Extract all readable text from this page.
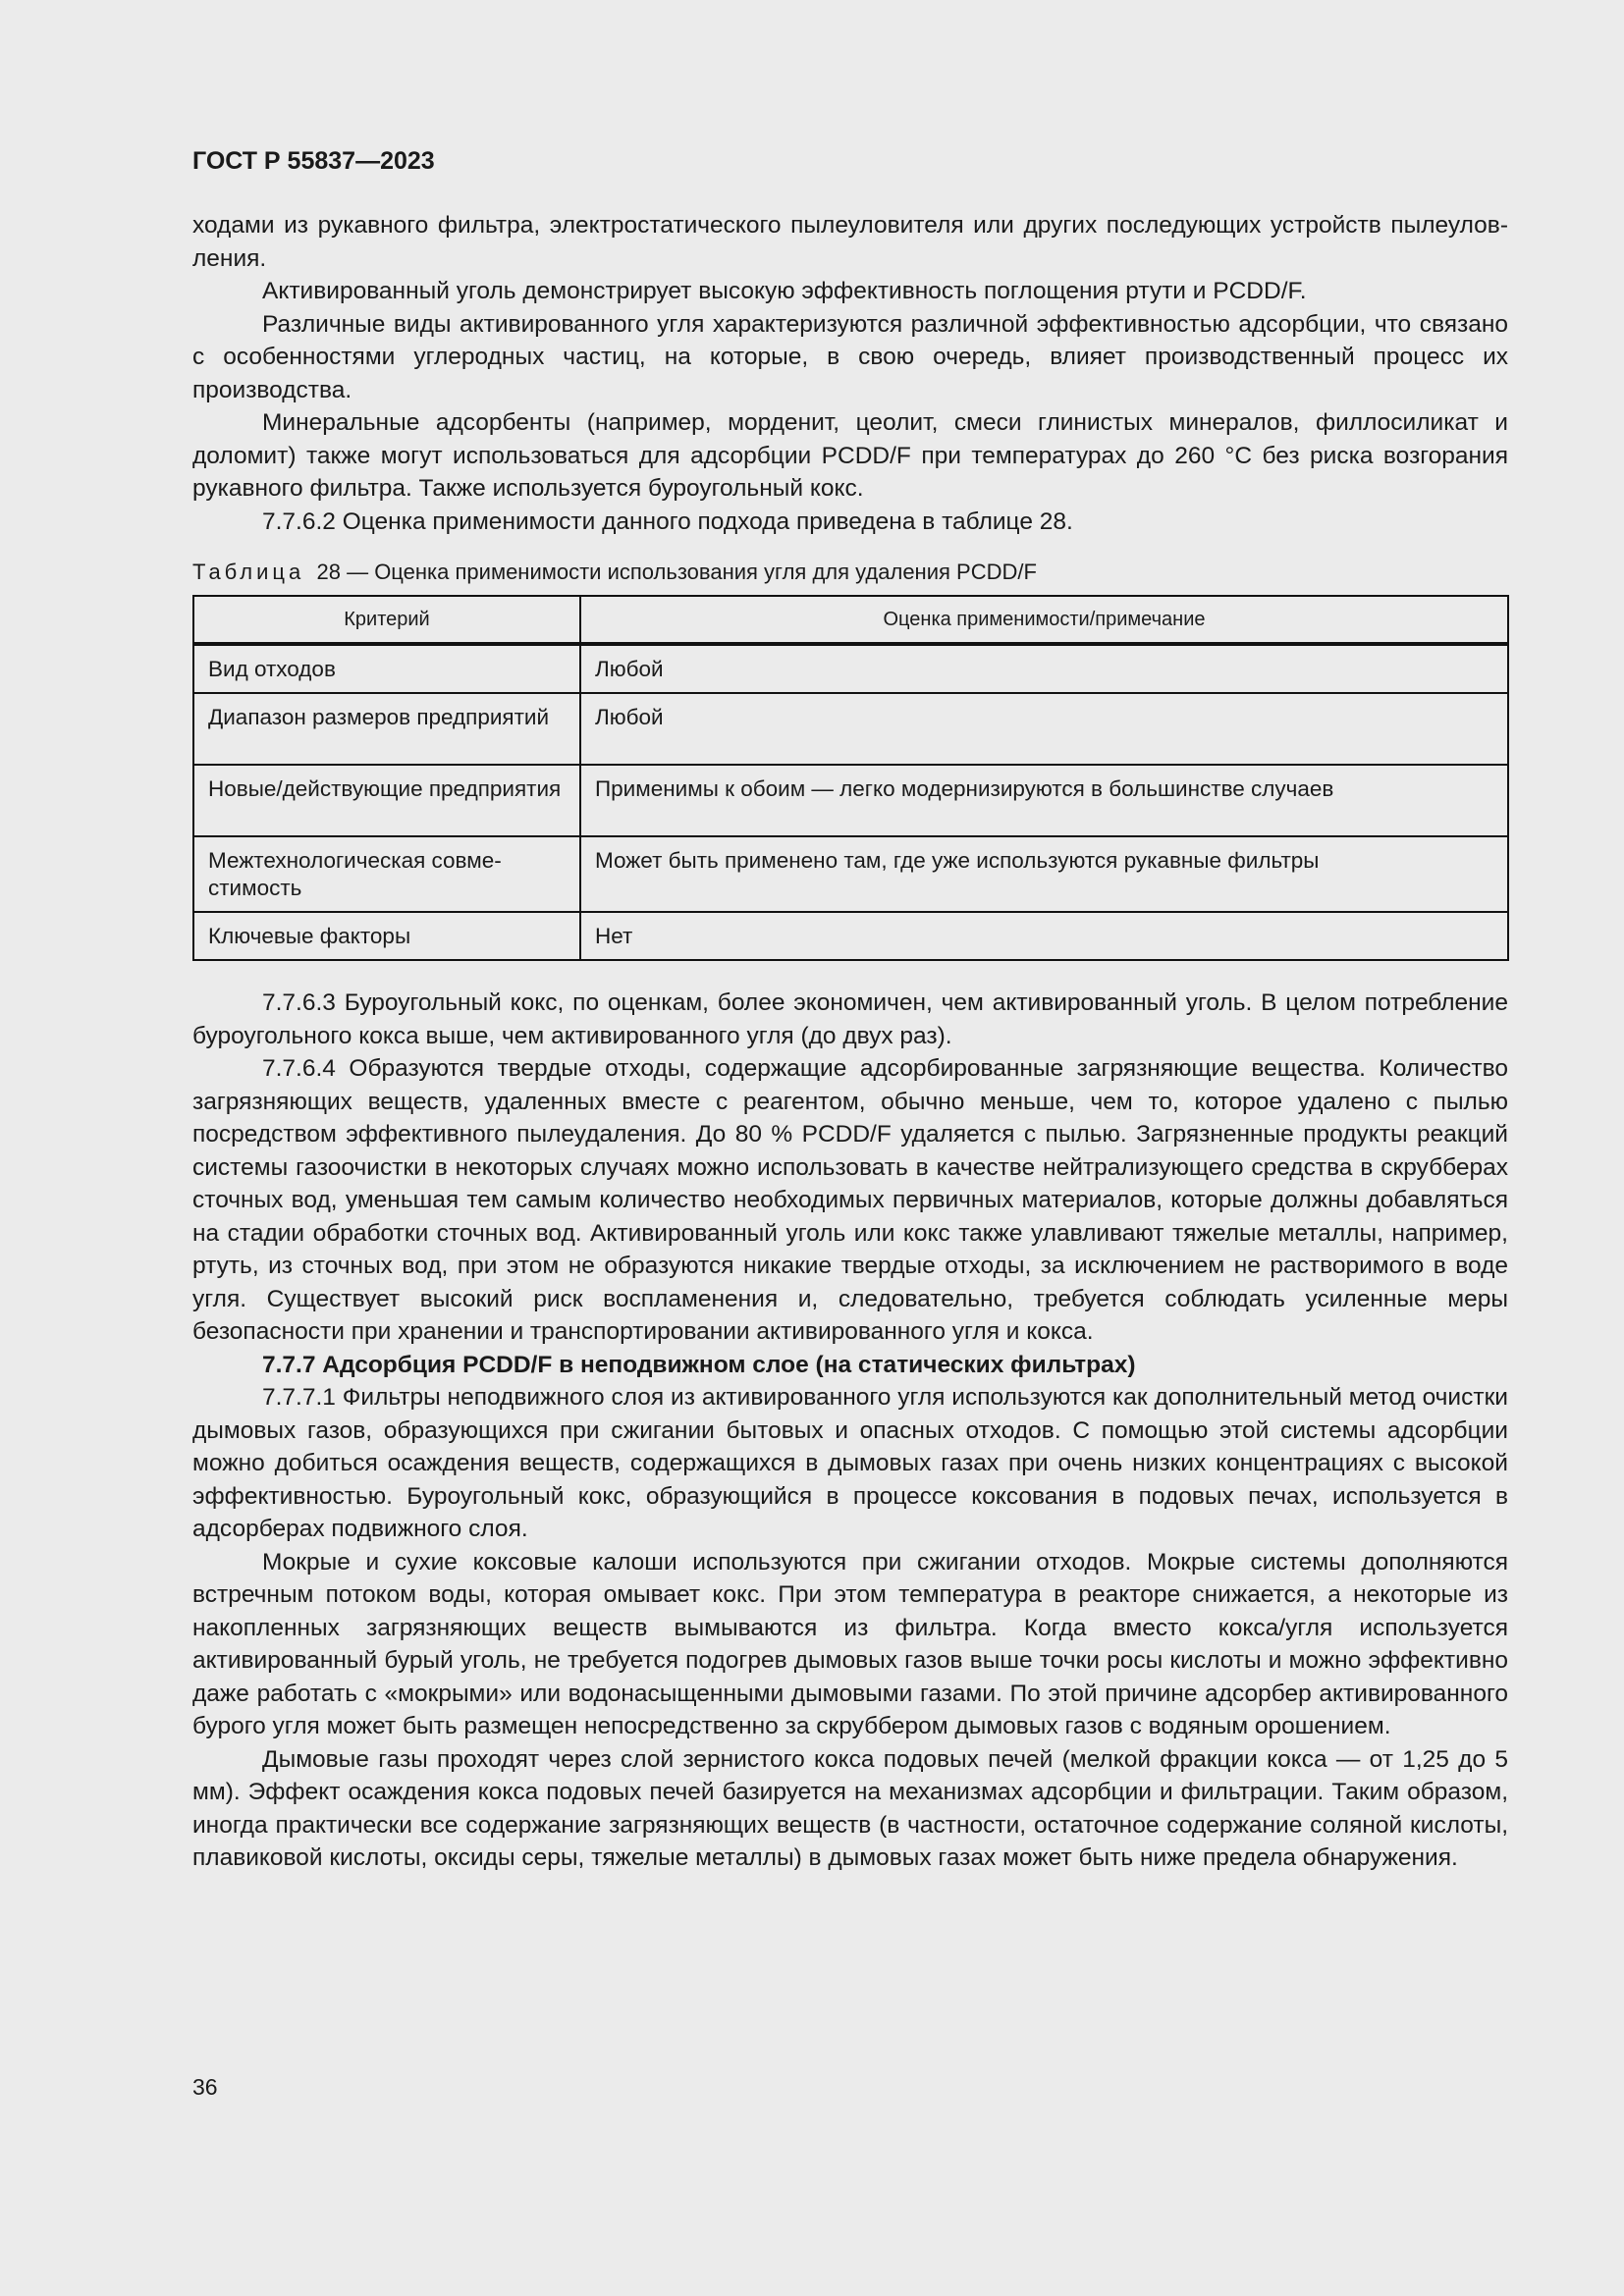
ГОСТ Р 55837—2023

ходами из рукавного фильтра, электростатического пылеуловителя или других последующих устройств пылеуловления.

Активированный уголь демонстрирует высокую эффективность поглощения ртути и PCDD/F.

Различные виды активированного угля характеризуются различной эффективностью адсорбции, что связано с особенностями углеродных частиц, на которые, в свою очередь, влияет производственный процесс их производства.

Минеральные адсорбенты (например, морденит, цеолит, смеси глинистых минералов, филлосиликат и доломит) также могут использоваться для адсорбции PCDD/F при температурах до 260 °C без риска возгорания рукавного фильтра. Также используется буроугольный кокс.

7.7.6.2 Оценка применимости данного подхода приведена в таблице 28.

Таблица 28 — Оценка применимости использования угля для удаления PCDD/F
Критерий	Оценка применимости/примечание
Вид отходов	Любой
Диапазон размеров предприятий	Любой
Новые/действующие предприятия	Применимы к обоим — легко модернизируются в большинстве случаев
Межтехнологическая совместимость	Может быть применено там, где уже используются рукавные фильтры
Ключевые факторы	Нет

7.7.6.3 Буроугольный кокс, по оценкам, более экономичен, чем активированный уголь. В целом потребление буроугольного кокса выше, чем активированного угля (до двух раз).

7.7.6.4 Образуются твердые отходы, содержащие адсорбированные загрязняющие вещества. Количество загрязняющих веществ, удаленных вместе с реагентом, обычно меньше, чем то, которое удалено с пылью посредством эффективного пылеудаления. До 80 % PCDD/F удаляется с пылью. Загрязненные продукты реакций системы газоочистки в некоторых случаях можно использовать в качестве нейтрализующего средства в скрубберах сточных вод, уменьшая тем самым количество необходимых первичных материалов, которые должны добавляться на стадии обработки сточных вод. Активированный уголь или кокс также улавливают тяжелые металлы, например, ртуть, из сточных вод, при этом не образуются никакие твердые отходы, за исключением не растворимого в воде угля. Существует высокий риск воспламенения и, следовательно, требуется соблюдать усиленные меры безопасности при хранении и транспортировании активированного угля и кокса.

7.7.7 Адсорбция PCDD/F в неподвижном слое (на статических фильтрах)

7.7.7.1 Фильтры неподвижного слоя из активированного угля используются как дополнительный метод очистки дымовых газов, образующихся при сжигании бытовых и опасных отходов. С помощью этой системы адсорбции можно добиться осаждения веществ, содержащихся в дымовых газах при очень низких концентрациях с высокой эффективностью. Буроугольный кокс, образующийся в процессе коксования в подовых печах, используется в адсорберах подвижного слоя.

Мокрые и сухие коксовые калоши используются при сжигании отходов. Мокрые системы дополняются встречным потоком воды, которая омывает кокс. При этом температура в реакторе снижается, а некоторые из накопленных загрязняющих веществ вымываются из фильтра. Когда вместо кокса/угля используется активированный бурый уголь, не требуется подогрев дымовых газов выше точки росы кислоты и можно эффективно даже работать с «мокрыми» или водонасыщенными дымовыми газами. По этой причине адсорбер активированного бурого угля может быть размещен непосредственно за скруббером дымовых газов с водяным орошением.

Дымовые газы проходят через слой зернистого кокса подовых печей (мелкой фракции кокса — от 1,25 до 5 мм). Эффект осаждения кокса подовых печей базируется на механизмах адсорбции и фильтрации. Таким образом, иногда практически все содержание загрязняющих веществ (в частности, остаточное содержание соляной кислоты, плавиковой кислоты, оксиды серы, тяжелые металлы) в дымовых газах может быть ниже предела обнаружения.

36
